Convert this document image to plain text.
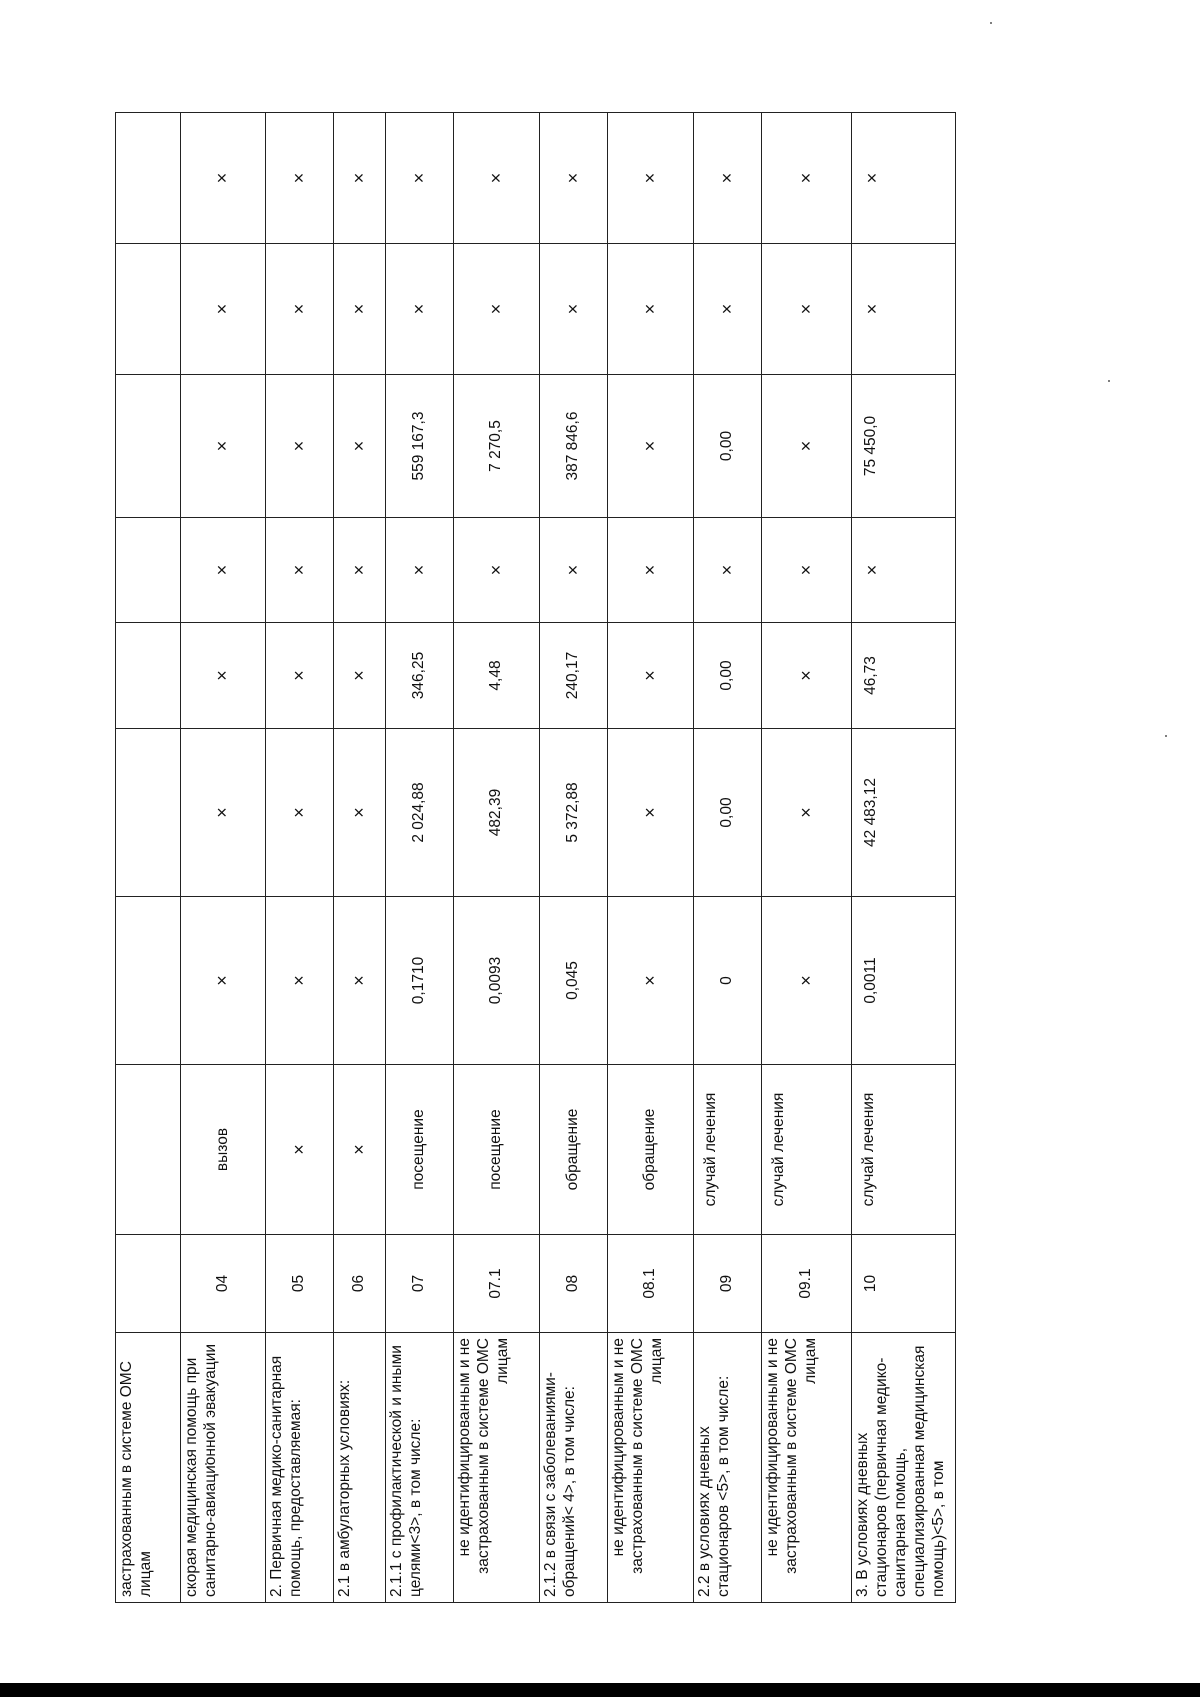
застрахованным в системе ОМС лицам									
скорая медицинская помощь при санитарно-авиационной эвакуации	04	вызов	×	×	×	×	×	×	×
2. Первичная медико-санитарная помощь, предоставляемая:	05	×	×	×	×	×	×	×	×
2.1 в амбулаторных условиях:	06	×	×	×	×	×	×	×	×
2.1.1 с профилактической и иными целями<3>, в том числе:	07	посещение	0,1710	2 024,88	346,25	×	559 167,3	×	×
не идентифицированным и не застрахованным в системе ОМС лицам	07.1	посещение	0,0093	482,39	4,48	×	7 270,5	×	×
2.1.2 в связи с заболеваниями-обращений< 4>, в том числе:	08	обращение	0,045	5 372,88	240,17	×	387 846,6	×	×
не идентифицированным и не застрахованным в системе ОМС лицам	08.1	обращение	×	×	×	×	×	×	×
2.2 в условиях дневных стационаров <5>, в том числе:	09	случай лечения	0	0,00	0,00	×	0,00	×	×
не идентифицированным и не застрахованным в системе ОМС лицам	09.1	случай лечения	×	×	×	×	×	×	×
3. В условиях дневных стационаров (первичная медико-санитарная помощь, специализированная медицинская помощь)<5>, в том	10	случай лечения	0,0011	42 483,12	46,73	×	75 450,0	×	×
